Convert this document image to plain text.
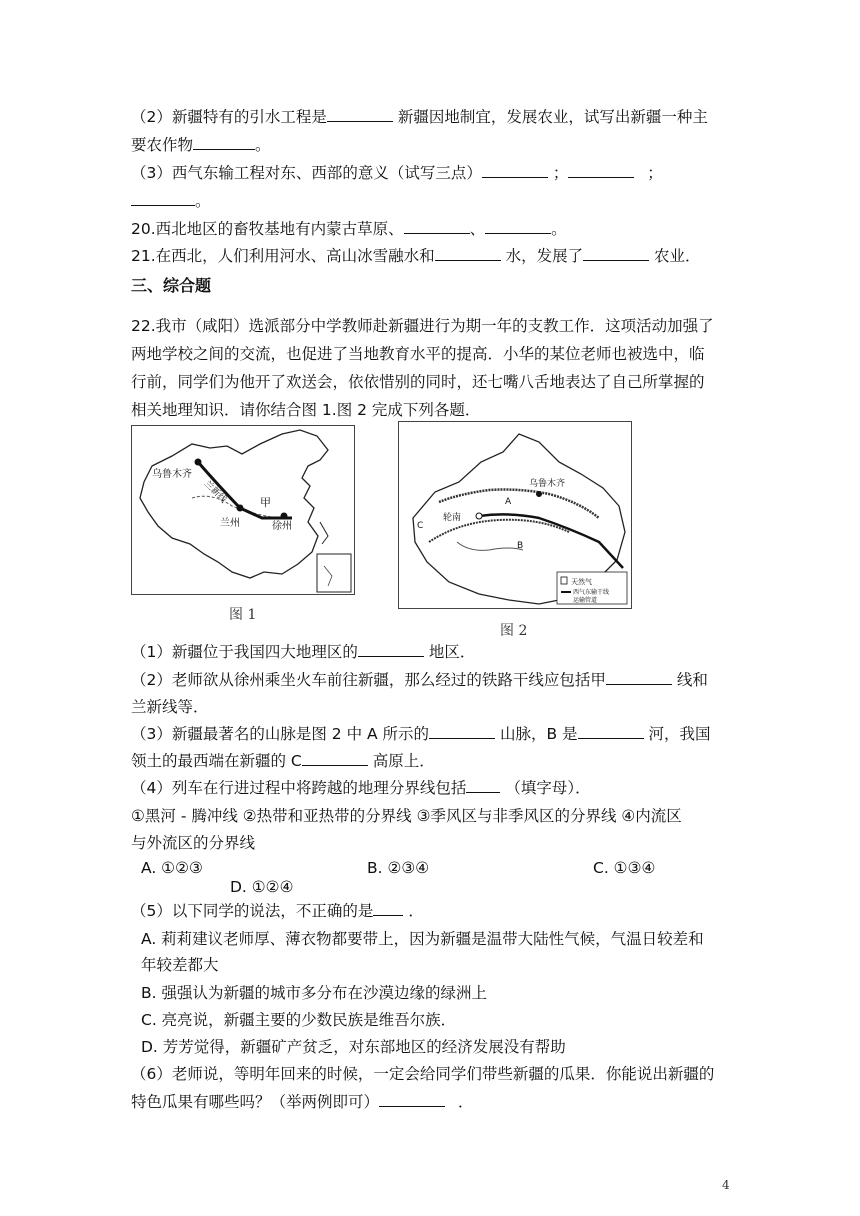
（2）新疆特有的引水工程是	新疆因地制宜，发展农业，试写出新疆一种主
要农作物	。
（3）西气东输工程对东、西部的意义（试写三点）	；	；
。
20.西北地区的畜牧基地有内蒙古草原、	、	。
21.在西北，人们利用河水、高山冰雪融水和	水，发展了	农业．
三、综合题
22.我市（咸阳）选派部分中学教师赴新疆进行为期一年的支教工作．这项活动加强了
两地学校之间的交流，也促进了当地教育水平的提高．小华的某位老师也被选中，临
行前，同学们为他开了欢送会，依依惜别的同时，还七嘴八舌地表达了自己所掌握的
相关地理知识．请你结合图 1.图 2 完成下列各题．
乌鲁木齐
兰新线	甲
兰州	徐州
图 1
乌鲁木齐
A
轮南
C
B
天然气
西气东输干线
运输管道
图 2
（1）新疆位于我国四大地理区的	地区．
（2）老师欲从徐州乘坐火车前往新疆，那么经过的铁路干线应包括甲	线和
兰新线等．
（3）新疆最著名的山脉是图 2 中 A 所示的	山脉，B 是	河，我国
领土的最西端在新疆的 C	高原上．
（4）列车在行进过程中将跨越的地理分界线包括	（填字母）．
①黑河 - 腾冲线 ②热带和亚热带的分界线 ③季风区与非季风区的分界线 ④内流区
与外流区的分界线
A. ①②③	B. ②③④	C. ①③④
D. ①②④
（5）以下同学的说法，不正确的是 ．
A. 莉莉建议老师厚、薄衣物都要带上，因为新疆是温带大陆性气候，气温日较差和
年较差都大
B. 强强认为新疆的城市多分布在沙漠边缘的绿洲上
C. 亮亮说，新疆主要的少数民族是维吾尔族．
D. 芳芳觉得，新疆矿产贫乏，对东部地区的经济发展没有帮助
（6）老师说，等明年回来的时候，一定会给同学们带些新疆的瓜果．你能说出新疆的
特色瓜果有哪些吗？（举两例即可）	．
4
